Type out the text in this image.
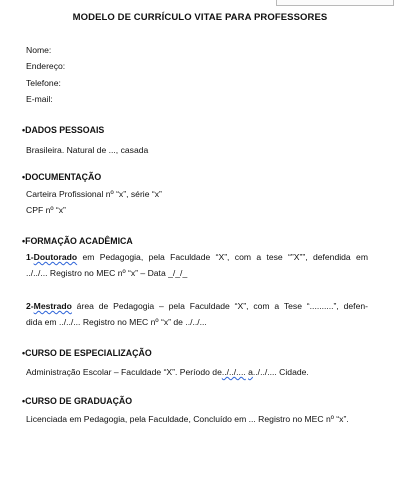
MODELO DE CURRÍCULO VITAE PARA PROFESSORES
Nome:
Endereço:
Telefone:
E-mail:
•DADOS PESSOAIS
Brasileira. Natural de ..., casada
•DOCUMENTAÇÃO
Carteira Profissional nº “x”, série “x”
CPF nº “x”
•FORMAÇÃO ACADÊMICA
1-Doutorado em Pedagogia, pela Faculdade “X”, com a tese “”X””, defendida em
../../... Registro no MEC nº “x” – Data _/_/_
2-Mestrado área de Pedagogia – pela Faculdade “X”, com a Tese “..........”, defen-
dida em ../../... Registro no MEC nº “x” de ../../...
•CURSO DE ESPECIALIZAÇÃO
Administração Escolar – Faculdade “X”. Período de../../.... a../../.... Cidade.
•CURSO DE GRADUAÇÃO
Licenciada em Pedagogia, pela Faculdade, Concluído em ... Registro no MEC nº “x”.
